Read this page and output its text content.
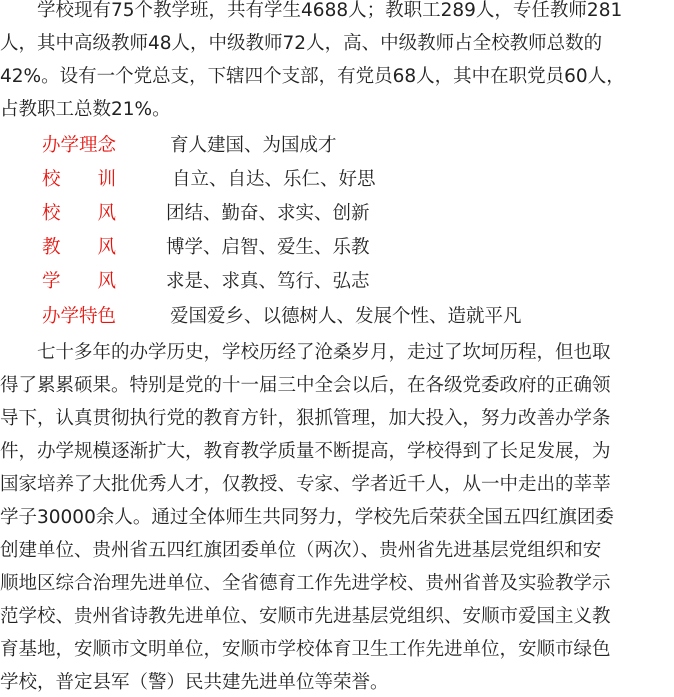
　　学校现有75个教学班，共有学生4688人；教职工289人，专任教师281
人，其中高级教师48人，中级教师72人，高、中级教师占全校教师总数的
42%。设有一个党总支，下辖四个支部，有党员68人，其中在职党员60人，
占教职工总数21%。
办学理念	育人建国、为国成才
校　　训	自立、自达、乐仁、好思
校　　风	团结、勤奋、求实、创新
教　　风	博学、启智、爱生、乐教
学　　风	求是、求真、笃行、弘志
办学特色	爱国爱乡、以德树人、发展个性、造就平凡
　　七十多年的办学历史，学校历经了沧桑岁月，走过了坎坷历程，但也取
得了累累硕果。特别是党的十一届三中全会以后，在各级党委政府的正确领
导下，认真贯彻执行党的教育方针，狠抓管理，加大投入，努力改善办学条
件，办学规模逐渐扩大，教育教学质量不断提高，学校得到了长足发展，为
国家培养了大批优秀人才，仅教授、专家、学者近千人，从一中走出的莘莘
学子30000余人。通过全体师生共同努力，学校先后荣获全国五四红旗团委
创建单位、贵州省五四红旗团委单位（两次）、贵州省先进基层党组织和安
顺地区综合治理先进单位、全省德育工作先进学校、贵州省普及实验教学示
范学校、贵州省诗教先进单位、安顺市先进基层党组织、安顺市爱国主义教
育基地，安顺市文明单位，安顺市学校体育卫生工作先进单位，安顺市绿色
学校，普定县军（警）民共建先进单位等荣誉。
